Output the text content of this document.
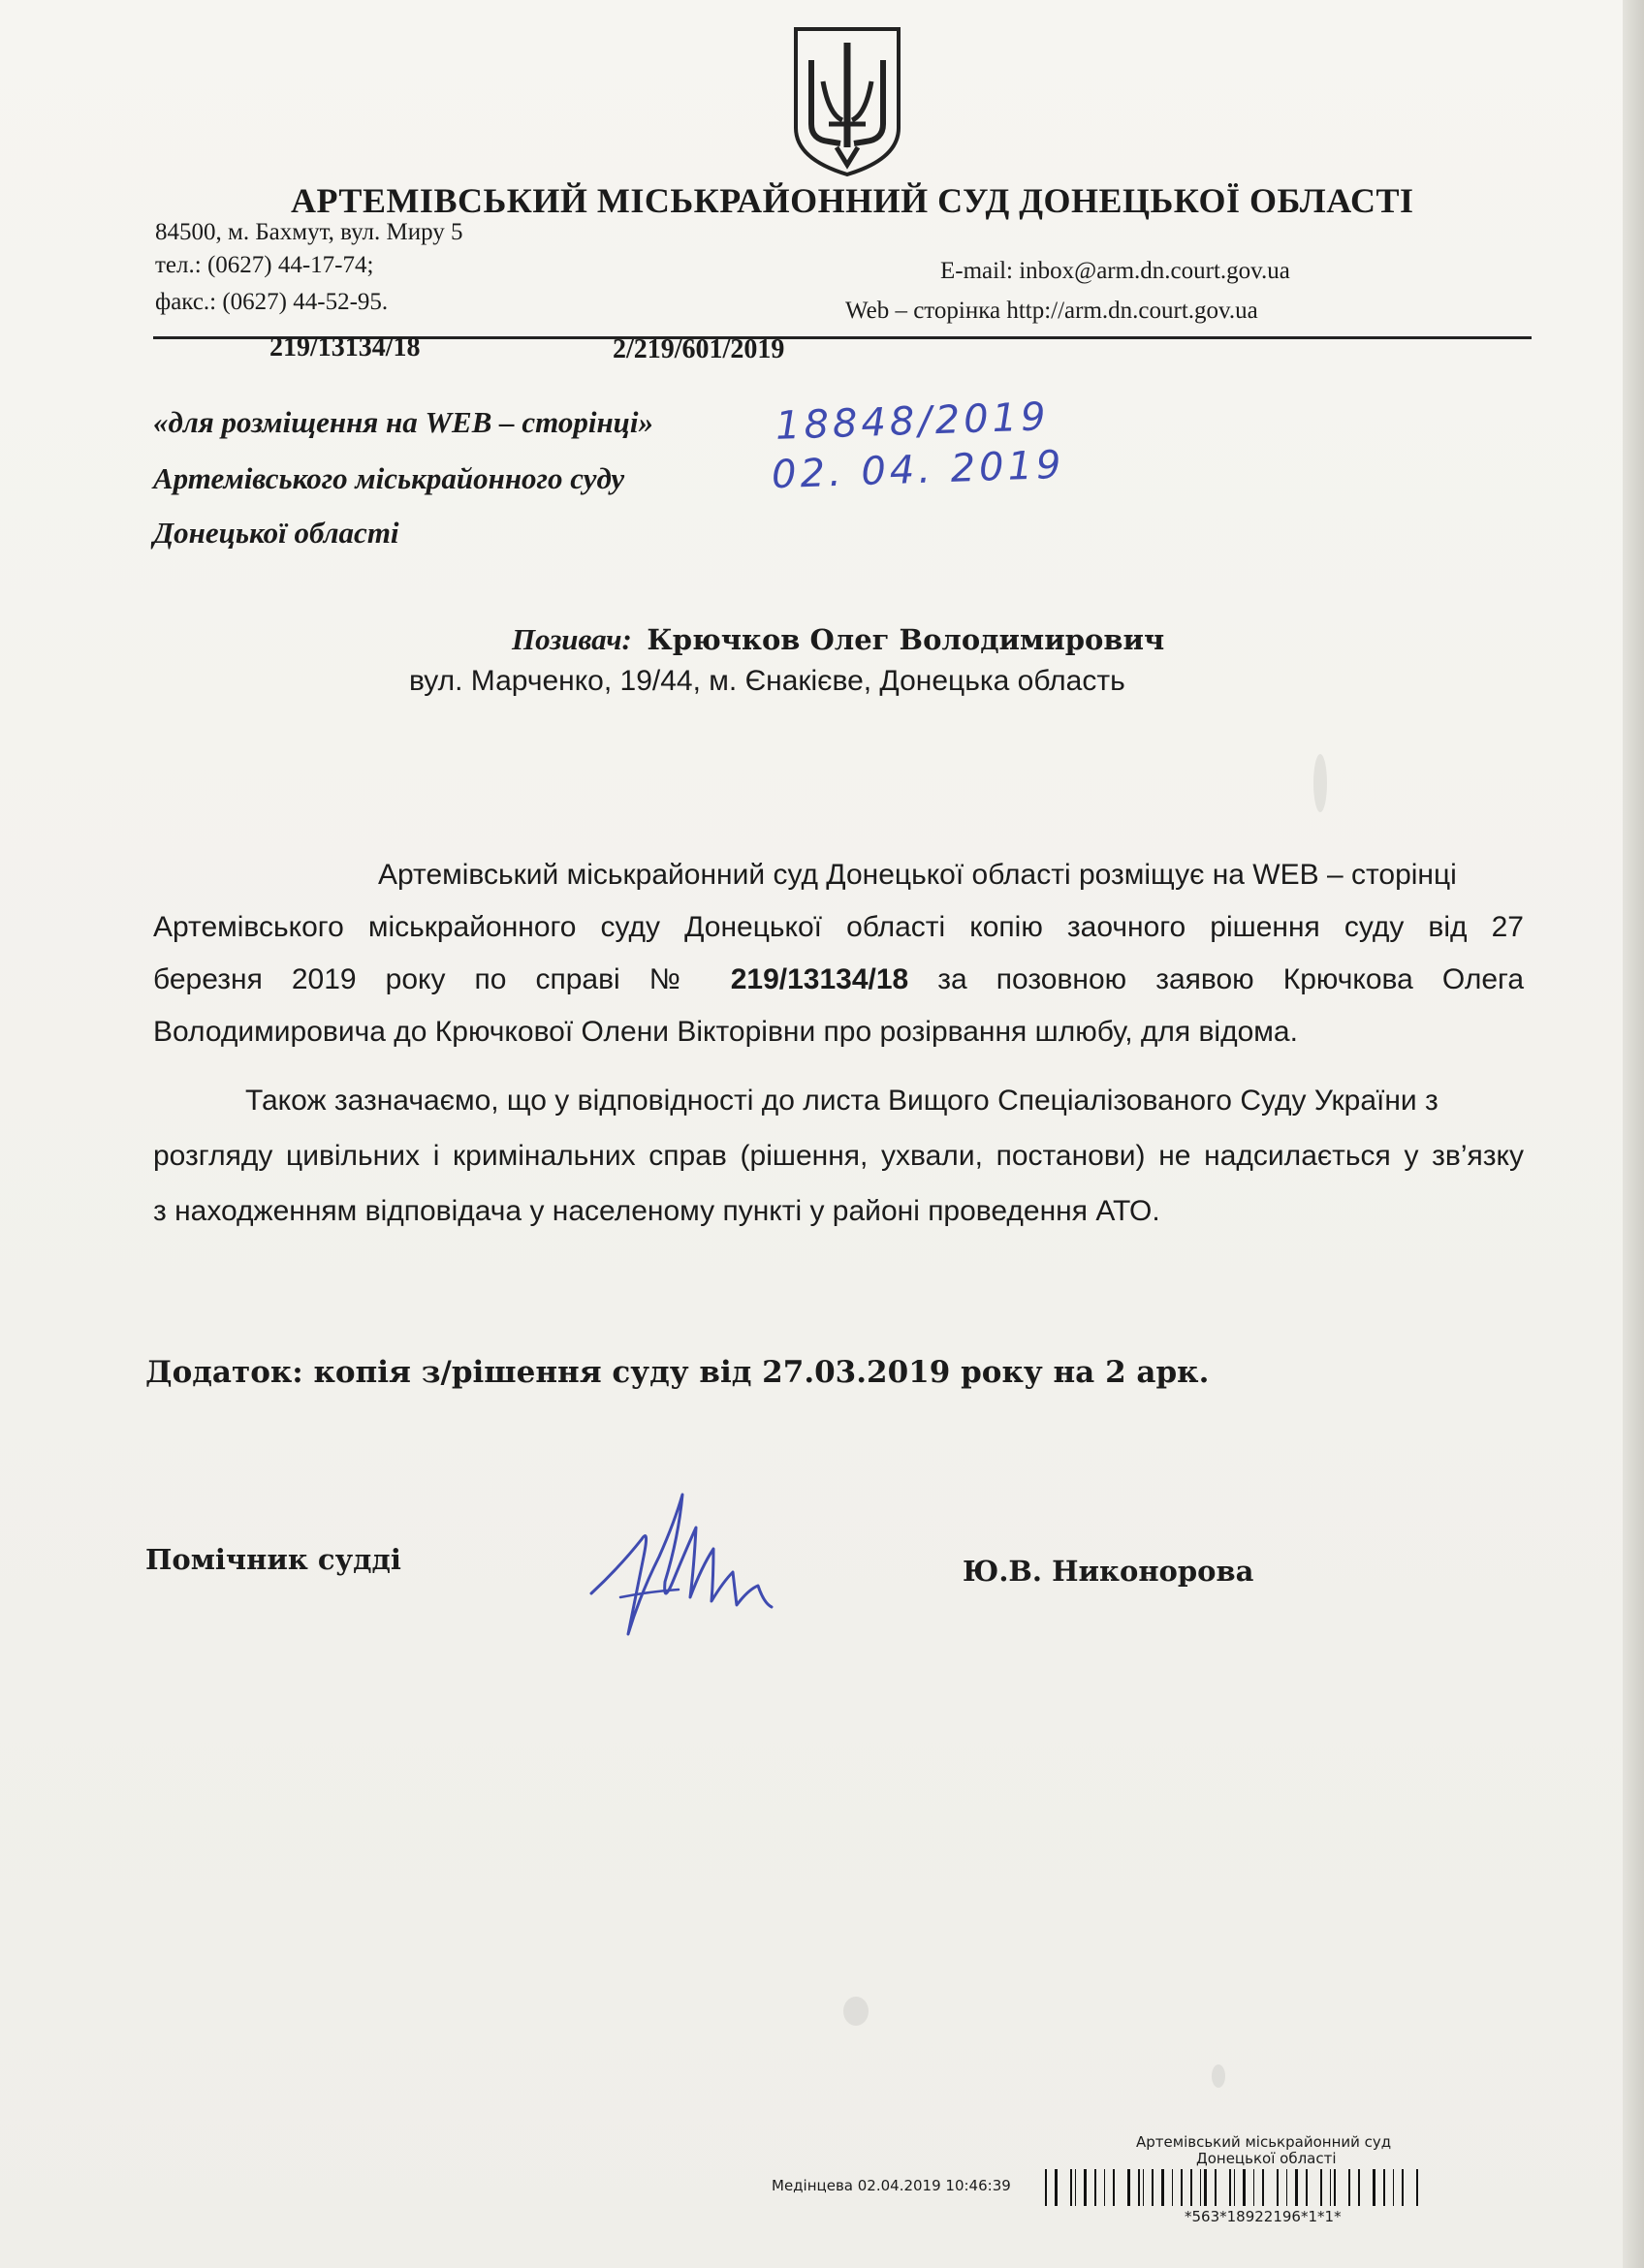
АРТЕМІВСЬКИЙ МІСЬКРАЙОННИЙ СУД ДОНЕЦЬКОЇ ОБЛАСТІ
84500, м. Бахмут, вул. Миру 5
тел.: (0627) 44-17-74;
факс.: (0627) 44-52-95.
E-mail: inbox@arm.dn.court.gov.ua
Web – сторінка http://arm.dn.court.gov.ua
219/13134/18	2/219/601/2019
«для розміщення на WEB – сторінці»
Артемівського міськрайонного суду
Донецької області
18848/2019
02. 04. 2019
Позивач: Крючков Олег Володимирович
вул. Марченко, 19/44, м. Єнакієве, Донецька область
Артемівський міськрайонний суд Донецької області розміщує на WEB – сторінці
Артемівського міськрайонного суду Донецької області копію заочного рішення суду від 27
березня 2019 року по справі № 219/13134/18 за позовною заявою Крючкова Олега
Володимировича до Крючкової Олени Вікторівни про розірвання шлюбу, для відома.
Також зазначаємо, що у відповідності до листа Вищого Спеціалізованого Суду України з
розгляду цивільних і кримінальних справ (рішення, ухвали, постанови) не надсилається у зв’язку
з находженням відповідача у населеному пункті у районі проведення АТО.
Додаток: копія з/рішення суду від 27.03.2019 року на 2 арк.
Помічник судді	Ю.В. Никонорова
Артемівський міськрайонний суд
Донецької області
Медінцева 02.04.2019 10:46:39
*563*18922196*1*1*
